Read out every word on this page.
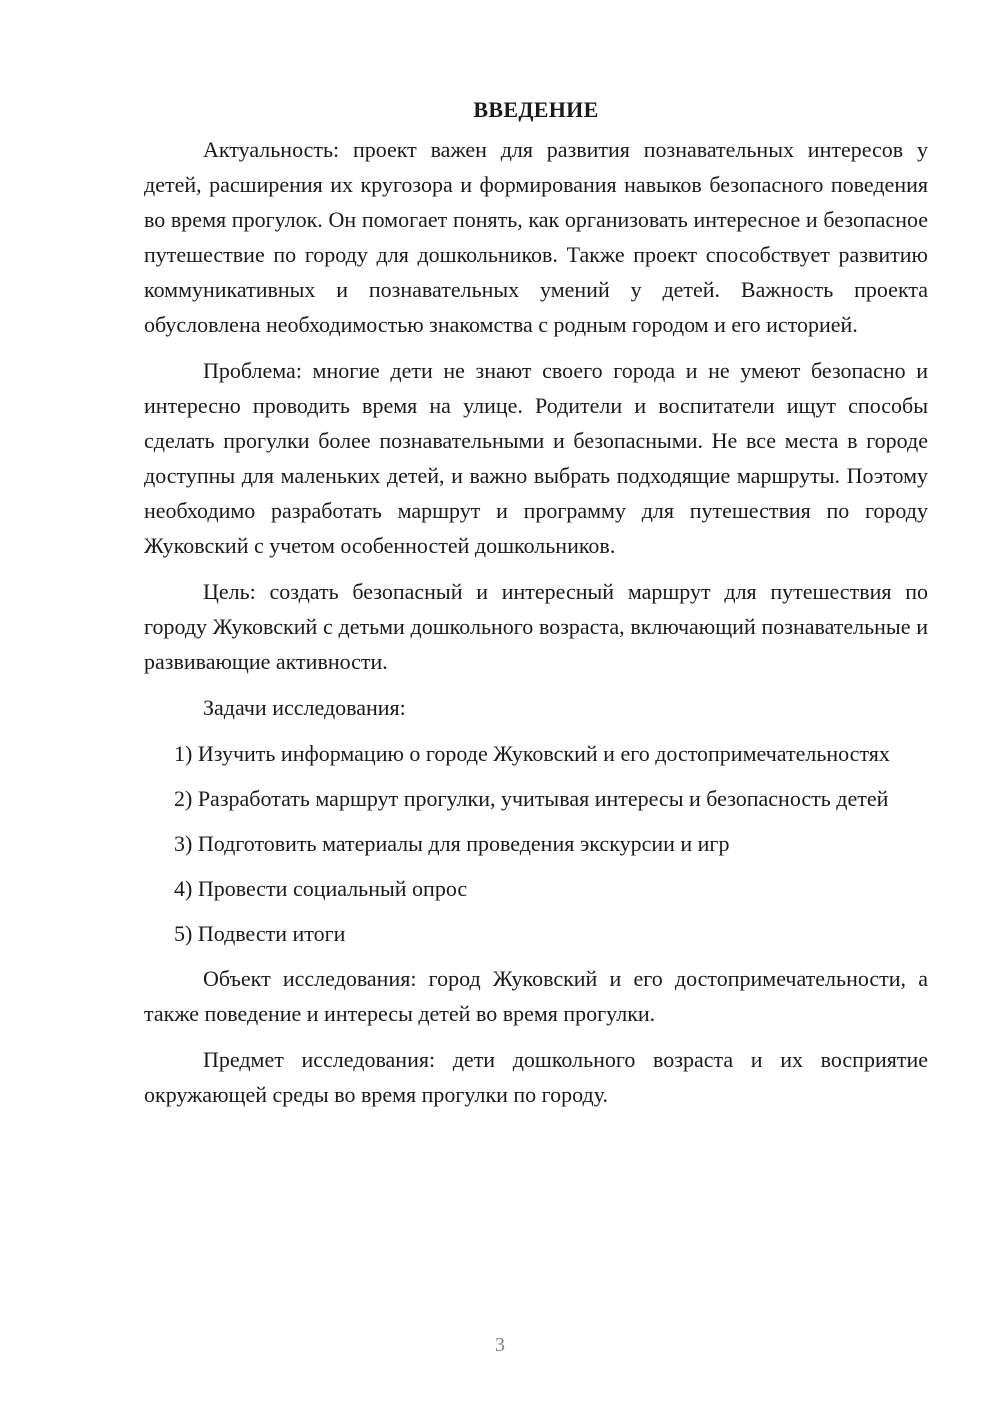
ВВЕДЕНИЕ

Актуальность: проект важен для развития познавательных интересов у детей, расширения их кругозора и формирования навыков безопасного поведения во время прогулок. Он помогает понять, как организовать интересное и безопасное путешествие по городу для дошкольников. Также проект способствует развитию коммуникативных и познавательных умений у детей. Важность проекта обусловлена необходимостью знакомства с родным городом и его историей.

Проблема: многие дети не знают своего города и не умеют безопасно и интересно проводить время на улице. Родители и воспитатели ищут способы сделать прогулки более познавательными и безопасными. Не все места в городе доступны для маленьких детей, и важно выбрать подходящие маршруты. Поэтому необходимо разработать маршрут и программу для путешествия по городу Жуковский с учетом особенностей дошкольников.

Цель: создать безопасный и интересный маршрут для путешествия по городу Жуковский с детьми дошкольного возраста, включающий познавательные и развивающие активности.

Задачи исследования:

1) Изучить информацию о городе Жуковский и его достопримечательностях

2) Разработать маршрут прогулки, учитывая интересы и безопасность детей

3) Подготовить материалы для проведения экскурсии и игр

4) Провести социальный опрос

5) Подвести итоги

Объект исследования: город Жуковский и его достопримечательности, а также поведение и интересы детей во время прогулки.

Предмет исследования: дети дошкольного возраста и их восприятие окружающей среды во время прогулки по городу.

3
